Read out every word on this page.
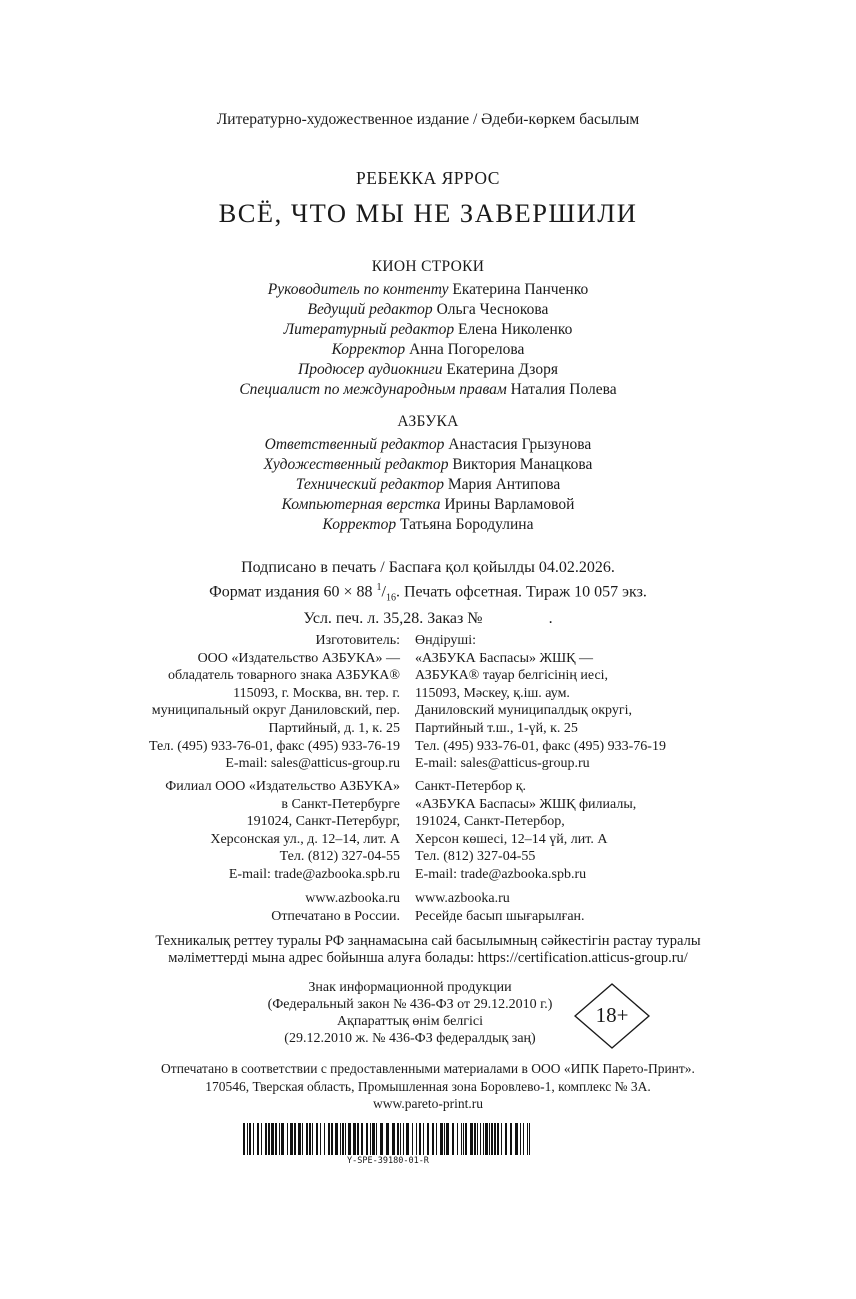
Литературно-художественное издание / Әдеби-көркем басылым
РЕБЕККА ЯРРОС
ВСЁ, ЧТО МЫ НЕ ЗАВЕРШИЛИ
КИОН СТРОКИ
Руководитель по контенту Екатерина Панченко
Ведущий редактор Ольга Чеснокова
Литературный редактор Елена Николенко
Корректор Анна Погорелова
Продюсер аудиокниги Екатерина Дзоря
Специалист по международным правам Наталия Полева
АЗБУКА
Ответственный редактор Анастасия Грызунова
Художественный редактор Виктория Манацкова
Технический редактор Мария Антипова
Компьютерная верстка Ирины Варламовой
Корректор Татьяна Бородулина
Подписано в печать / Баспаға қол қойылды 04.02.2026.
Формат издания 60 × 88 $^1/_{16}$. Печать офсетная. Тираж 10 057 экз.
Усл. печ. л. 35,28. Заказ №	.
Изготовитель:
ООО «Издательство АЗБУКА» —
обладатель товарного знака АЗБУКА®
115093, г. Москва, вн. тер. г.
муниципальный округ Даниловский, пер.
Партийный, д. 1, к. 25
Тел. (495) 933-76-01, факс (495) 933-76-19
E-mail: sales@atticus-group.ru
Өндіруші:
«АЗБУКА Баспасы» ЖШҚ —
АЗБУКА® тауар белгісінің иесі,
115093, Мәскеу, қ.іш. аум.
Даниловский муниципалдық округі,
Партийный т.ш., 1-үй, к. 25
Тел. (495) 933-76-01, факс (495) 933-76-19
E-mail: sales@atticus-group.ru
Филиал ООО «Издательство АЗБУКА»
в Санкт-Петербурге
191024, Санкт-Петербург,
Херсонская ул., д. 12–14, лит. А
Тел. (812) 327-04-55
E-mail: trade@azbooka.spb.ru
Санкт-Петербор қ.
«АЗБУКА Баспасы» ЖШҚ филиалы,
191024, Санкт-Петербор,
Херсон көшесі, 12–14 үй, лит. А
Тел. (812) 327-04-55
E-mail: trade@azbooka.spb.ru
www.azbooka.ru
Отпечатано в России.
www.azbooka.ru
Ресейде басып шығарылған.
Техникалық реттеу туралы РФ заңнамасына сай басылымның сәйкестігін растау туралы
мәліметтерді мына адрес бойынша алуға болады: https://certification.atticus-group.ru/
Знак информационной продукции
(Федеральный закон № 436-ФЗ от 29.12.2010 г.)
Ақпараттық өнім белгісі
(29.12.2010 ж. № 436-ФЗ федералдық заң)
18+
Отпечатано в соответствии с предоставленными материалами в ООО «ИПК Парето-Принт».
170546, Тверская область, Промышленная зона Боровлево-1, комплекс № 3А.
www.pareto-print.ru
Y-SPE-39180-01-R
